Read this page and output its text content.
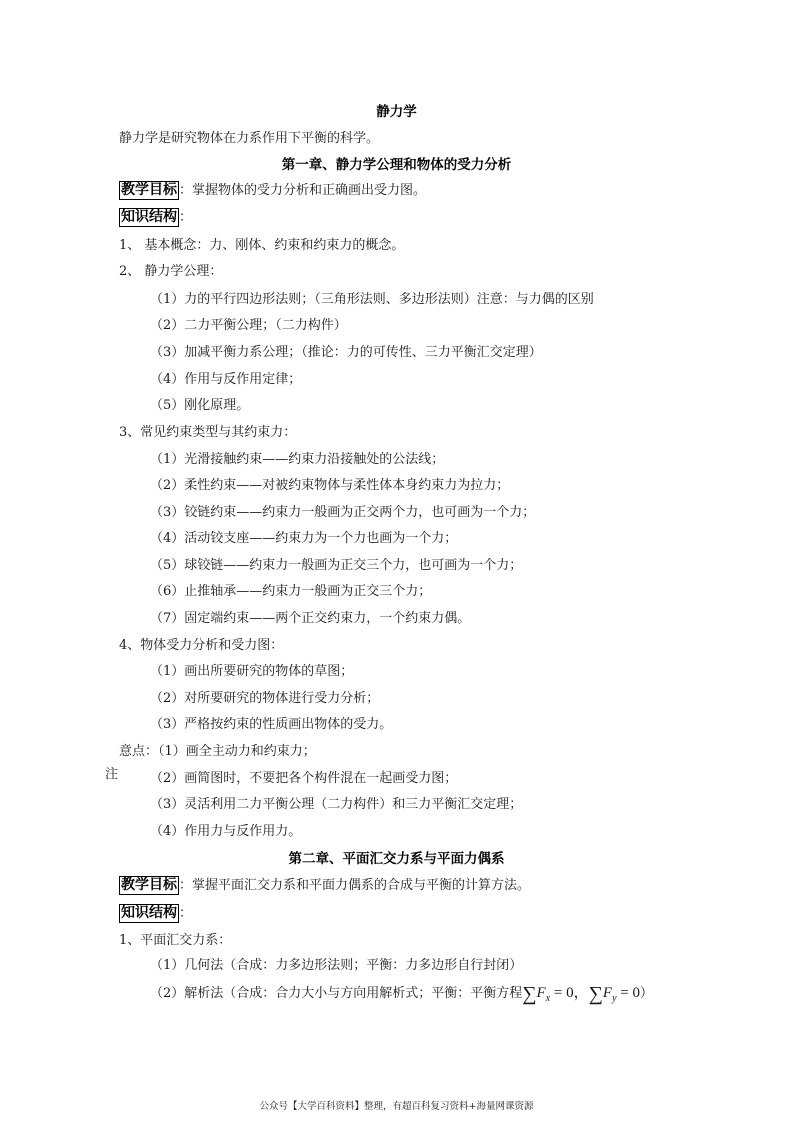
静力学
静力学是研究物体在力系作用下平衡的科学。
第一章、静力学公理和物体的受力分析
教学目标 ：掌握物体的受力分析和正确画出受力图。
知识结构 ：
1、 基本概念：力、刚体、约束和约束力的概念。
2、 静力学公理：
（1）力的平行四边形法则；（三角形法则、多边形法则）注意：与力偶的区别
（2）二力平衡公理；（二力构件）
（3）加减平衡力系公理；（推论：力的可传性、三力平衡汇交定理）
（4）作用与反作用定律；
（5）刚化原理。
3、常见约束类型与其约束力：
（1）光滑接触约束——约束力沿接触处的公法线；
（2）柔性约束——对被约束物体与柔性体本身约束力为拉力；
（3）铰链约束——约束力一般画为正交两个力，也可画为一个力；
（4）活动铰支座——约束力为一个力也画为一个力；
（5）球铰链——约束力一般画为正交三个力，也可画为一个力；
（6）止推轴承——约束力一般画为正交三个力；
（7）固定端约束——两个正交约束力，一个约束力偶。
4、物体受力分析和受力图：
（1）画出所要研究的物体的草图；
（2）对所要研究的物体进行受力分析；
（3）严格按约束的性质画出物体的受力。
意点：（1）画全主动力和约束力；
注 （2）画简图时，不要把各个构件混在一起画受力图；
（3）灵活利用二力平衡公理（二力构件）和三力平衡汇交定理；
（4）作用力与反作用力。
第二章、平面汇交力系与平面力偶系
教学目标 ：掌握平面汇交力系和平面力偶系的合成与平衡的计算方法。
知识结构 ：
1、平面汇交力系：
（1）几何法（合成：力多边形法则；平衡：力多边形自行封闭）
（2）解析法（合成：合力大小与方向用解析式；平衡：平衡方程$\sum F_x = 0$，$\sum F_y = 0$）
公众号【大学百科资料】整理，有超百科复习资料+海量网课资源
